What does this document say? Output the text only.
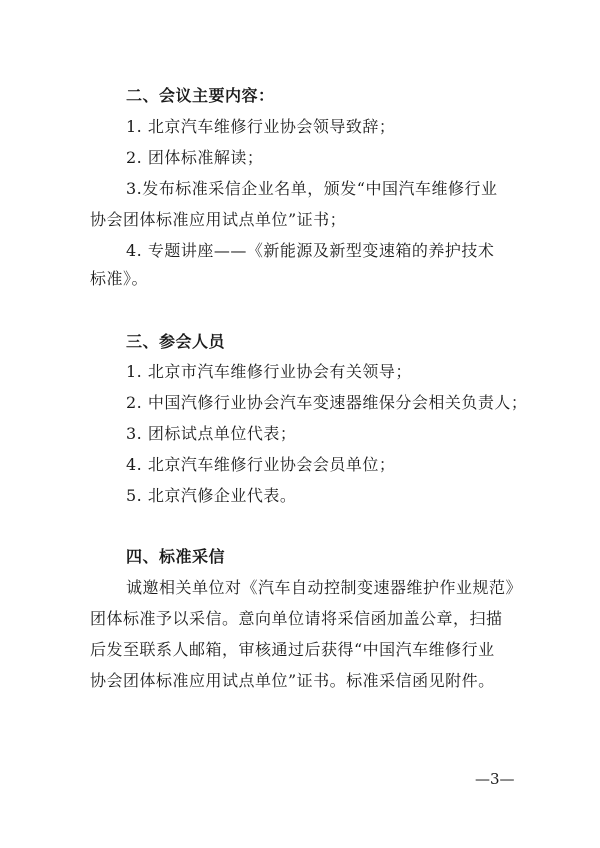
二、会议主要内容：
1. 北京汽车维修行业协会领导致辞；
2. 团体标准解读；
3.发布标准采信企业名单，颁发“中国汽车维修行业
协会团体标准应用试点单位”证书；
4. 专题讲座——《新能源及新型变速箱的养护技术
标准》。
三、参会人员
1. 北京市汽车维修行业协会有关领导；
2. 中国汽修行业协会汽车变速器维保分会相关负责人；
3. 团标试点单位代表；
4. 北京汽车维修行业协会会员单位；
5. 北京汽修企业代表。
四、标准采信
诚邀相关单位对《汽车自动控制变速器维护作业规范》
团体标准予以采信。意向单位请将采信函加盖公章，扫描
后发至联系人邮箱，审核通过后获得“中国汽车维修行业
协会团体标准应用试点单位”证书。标准采信函见附件。
—3—
